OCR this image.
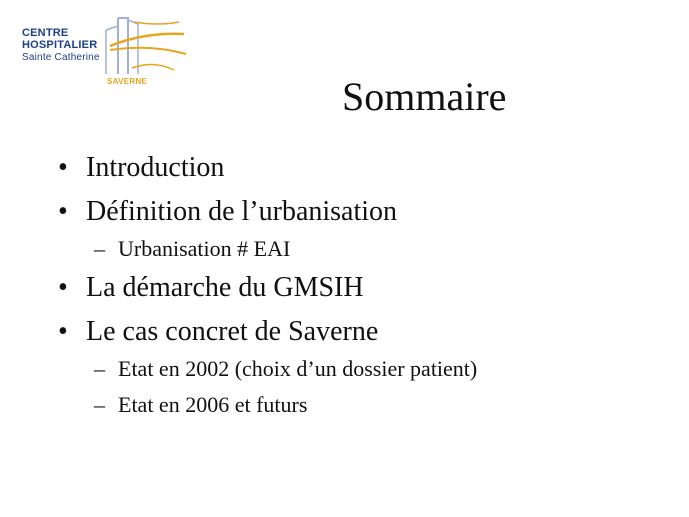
CENTRE
HOSPITALIER
Sainte Catherine
SAVERNE	Sommaire
• Introduction
• Définition de l’urbanisation
– Urbanisation # EAI
• La démarche du GMSIH
• Le cas concret de Saverne
– Etat en 2002 (choix d’un dossier patient)
– Etat en 2006 et futurs
